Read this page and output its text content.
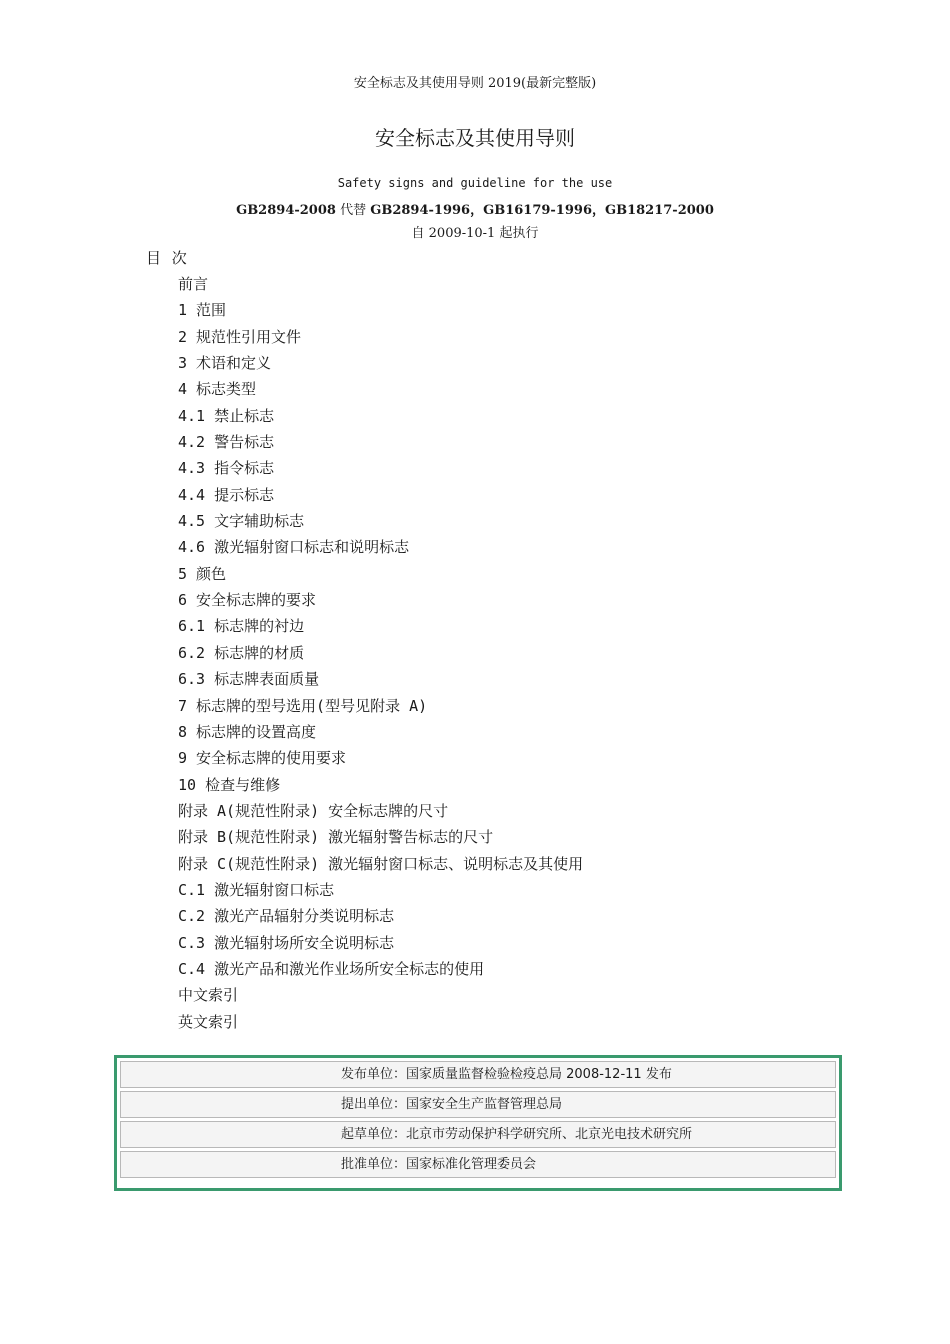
安全标志及其使用导则 2019(最新完整版)
安全标志及其使用导则
Safety signs and guideline for the use
GB2894-2008 代替 GB2894-1996，GB16179-1996，GB18217-2000
自 2009-10-1 起执行
目 次
前言
1 范围
2 规范性引用文件
3 术语和定义
4 标志类型
4.1 禁止标志
4.2 警告标志
4.3 指令标志
4.4 提示标志
4.5 文字辅助标志
4.6 激光辐射窗口标志和说明标志
5 颜色
6 安全标志牌的要求
6.1 标志牌的衬边
6.2 标志牌的材质
6.3 标志牌表面质量
7 标志牌的型号选用(型号见附录 A)
8 标志牌的设置高度
9 安全标志牌的使用要求
10 检查与维修
附录 A(规范性附录) 安全标志牌的尺寸
附录 B(规范性附录) 激光辐射警告标志的尺寸
附录 C(规范性附录) 激光辐射窗口标志、说明标志及其使用
C.1 激光辐射窗口标志
C.2 激光产品辐射分类说明标志
C.3 激光辐射场所安全说明标志
C.4 激光产品和激光作业场所安全标志的使用
中文索引
英文索引
发布单位：国家质量监督检验检疫总局 2008-12-11 发布
提出单位：国家安全生产监督管理总局
起草单位：北京市劳动保护科学研究所、北京光电技术研究所
批准单位：国家标准化管理委员会
